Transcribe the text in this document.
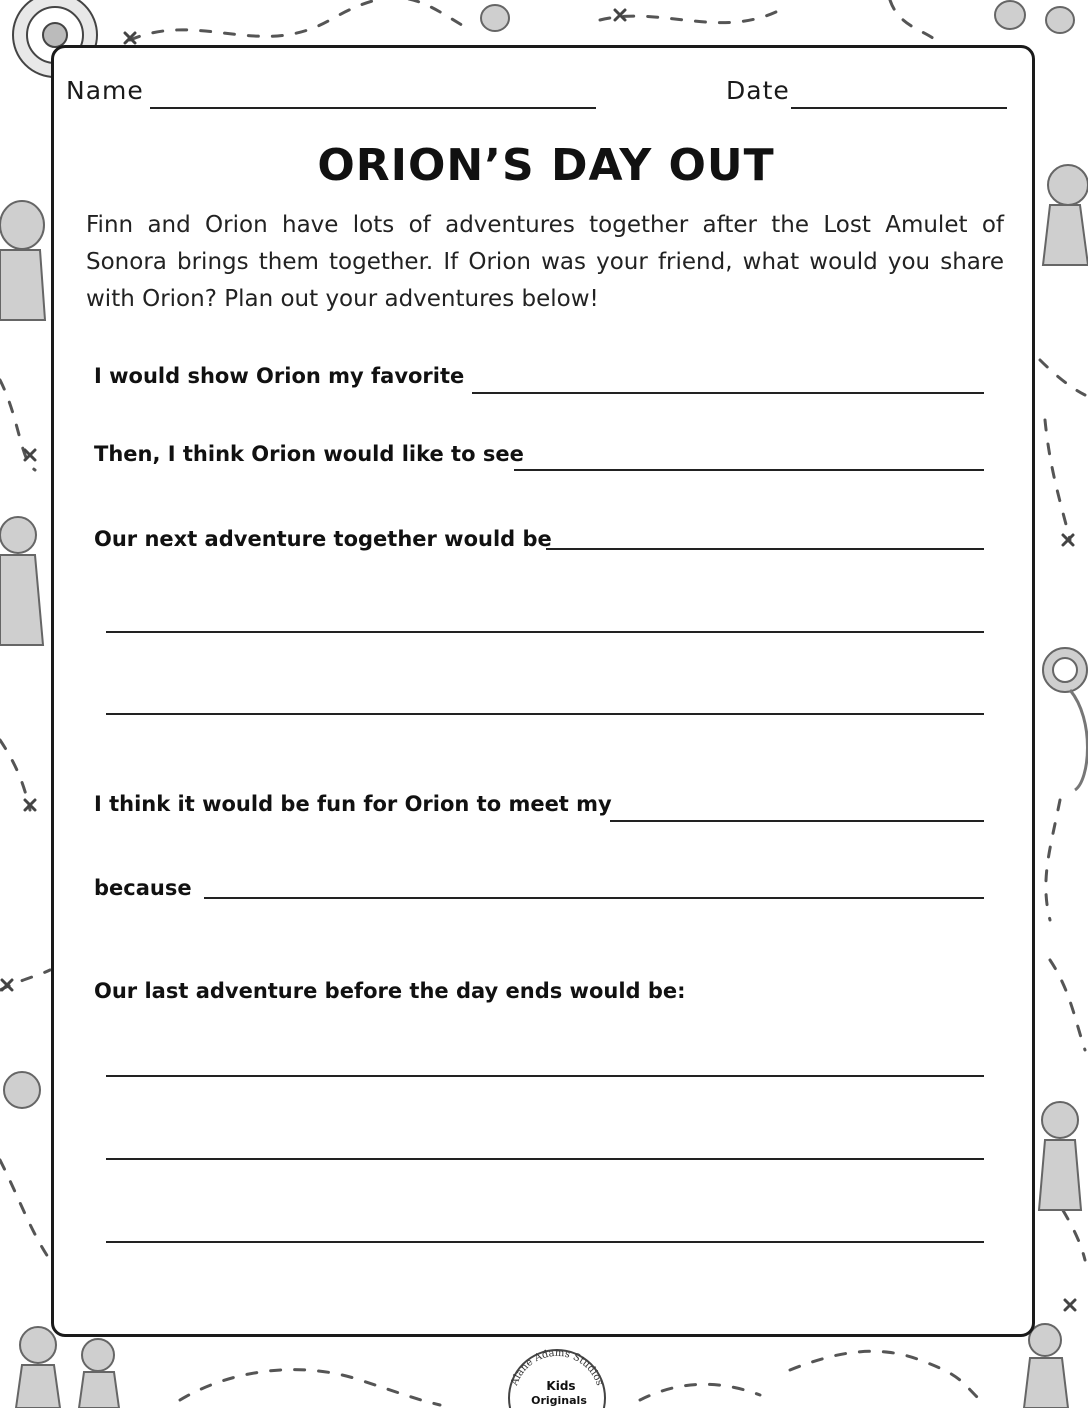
Name	Date
ORION’S DAY OUT

Finn and Orion have lots of adventures together after the Lost Amulet of Sonora brings them together. If Orion was your friend, what would you share with Orion? Plan out your adventures below!

I would show Orion my favorite
Then, I think Orion would like to see
Our next adventure together would be
I think it would be fun for Orion to meet my
because
Our last adventure before the day ends would be:
Alane Adams Studios
Kids
Originals
